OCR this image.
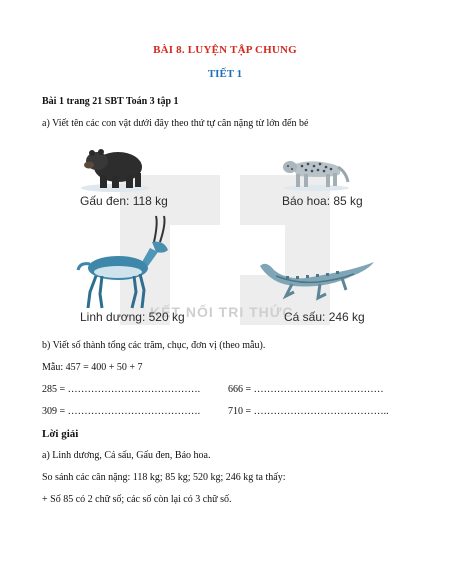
BÀI 8. LUYỆN TẬP CHUNG
TIẾT 1
Bài 1 trang 21 SBT Toán 3 tập 1
a) Viết tên các con vật dưới đây theo thứ tự cân nặng từ lớn đến bé
KẾT NỐI TRI THỨC
Gấu đen: 118 kg	Báo hoa: 85 kg
Linh dương: 520 kg	Cá sấu: 246 kg
b) Viết số thành tổng các trăm, chục, đơn vị (theo mẫu).
Mẫu: 457 = 400 + 50 + 7
285 = ………………………………….	666 = …………………………………
309 = ………………………………….	710 = …………………………………..
Lời giải
a) Linh dương, Cá sấu, Gấu đen, Báo hoa.
So sánh các cân nặng: 118 kg; 85 kg; 520 kg; 246 kg ta thấy:
+ Số 85 có 2 chữ số; các số còn lại có 3 chữ số.
